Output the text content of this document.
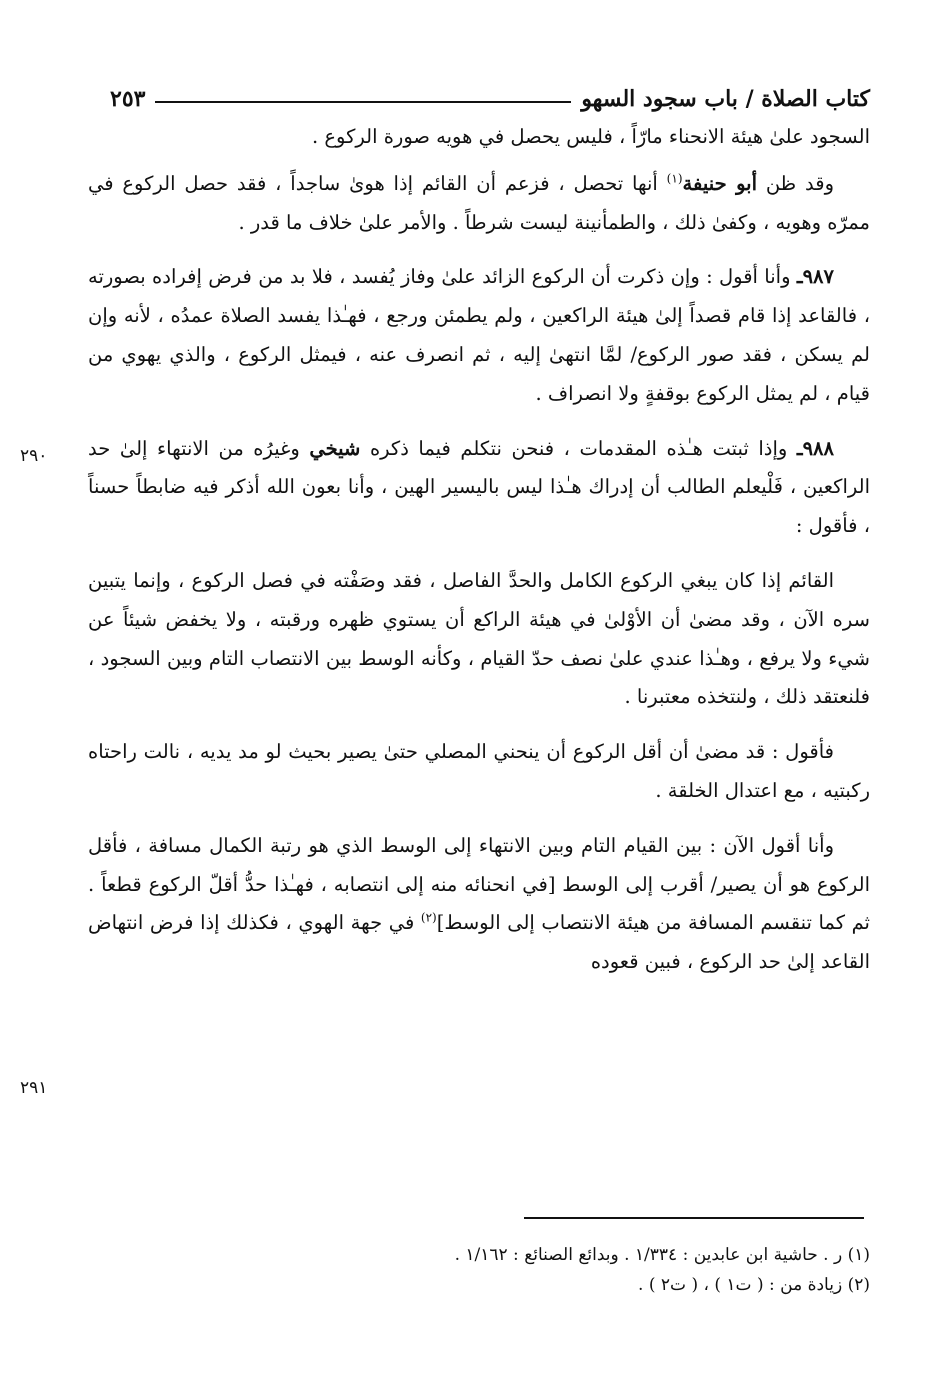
كتاب الصلاة / باب سجود السهو
٢٥٣

السجود علىٰ هيئة الانحناء مارّاً ، فليس يحصل في هويه صورة الركوع .

وقد ظن أبو حنيفة$^{(١)}$ أنها تحصل ، فزعم أن القائم إذا هوىٰ ساجداً ، فقد حصل الركوع في ممرّه وهويه ، وكفىٰ ذلك ، والطمأنينة ليست شرطاً . والأمر علىٰ خلاف ما قدر .

٩٨٧ـ وأنا أقول : وإن ذكرت أن الركوع الزائد علىٰ وفاز يُفسد ، فلا بد من فرض إفراده بصورته ، فالقاعد إذا قام قصداً إلىٰ هيئة الراكعين ، ولم يطمئن ورجع ، فهـٰذا يفسد الصلاة عمدُه ، لأنه وإن لم يسكن ، فقد صور الركوع/ لمَّا انتهىٰ إليه ، ثم انصرف عنه ، فيمثل الركوع ، والذي يهوي من قيام ، لم يمثل الركوع بوقفةٍ ولا انصراف .

٩٨٨ـ وإذا ثبتت هـٰذه المقدمات ، فنحن نتكلم فيما ذكره شيخي وغيرُه من الانتهاء إلىٰ حد الراكعين ، فَلْيعلم الطالب أن إدراك هـٰذا ليس باليسير الهين ، وأنا بعون الله أذكر فيه ضابطاً حسناً ، فأقول :

القائم إذا كان يبغي الركوع الكامل والحدَّ الفاصل ، فقد وصَفْته في فصل الركوع ، وإنما يتبين سره الآن ، وقد مضىٰ أن الأوْلىٰ في هيئة الراكع أن يستوي ظهره ورقبته ، ولا يخفض شيئاً عن شيء ولا يرفع ، وهـٰذا عندي علىٰ نصف حدّ القيام ، وكأنه الوسط بين الانتصاب التام وبين السجود ، فلنعتقد ذلك ، ولنتخذه معتبرنا .

فأقول : قد مضىٰ أن أقل الركوع أن ينحني المصلي حتىٰ يصير بحيث لو مد يديه ، نالت راحتاه ركبتيه ، مع اعتدال الخلقة .

وأنا أقول الآن : بين القيام التام وبين الانتهاء إلى الوسط الذي هو رتبة الكمال مسافة ، فأقل الركوع هو أن يصير/ أقرب إلى الوسط [في انحنائه منه إلى انتصابه ، فهـٰذا حدُّ أقلّ الركوع قطعاً . ثم كما تنقسم المسافة من هيئة الانتصاب إلى الوسط]$^{(٢)}$ في جهة الهوي ، فكذلك إذا فرض انتهاض القاعد إلىٰ حد الركوع ، فبين قعوده

٢٩٠
٢٩١
(١) ر . حاشية ابن عابدين : ١/٣٣٤ . وبدائع الصنائع : ١/١٦٢ .
(٢) زيادة من : ( ت١ ) ، ( ت٢ ) .
